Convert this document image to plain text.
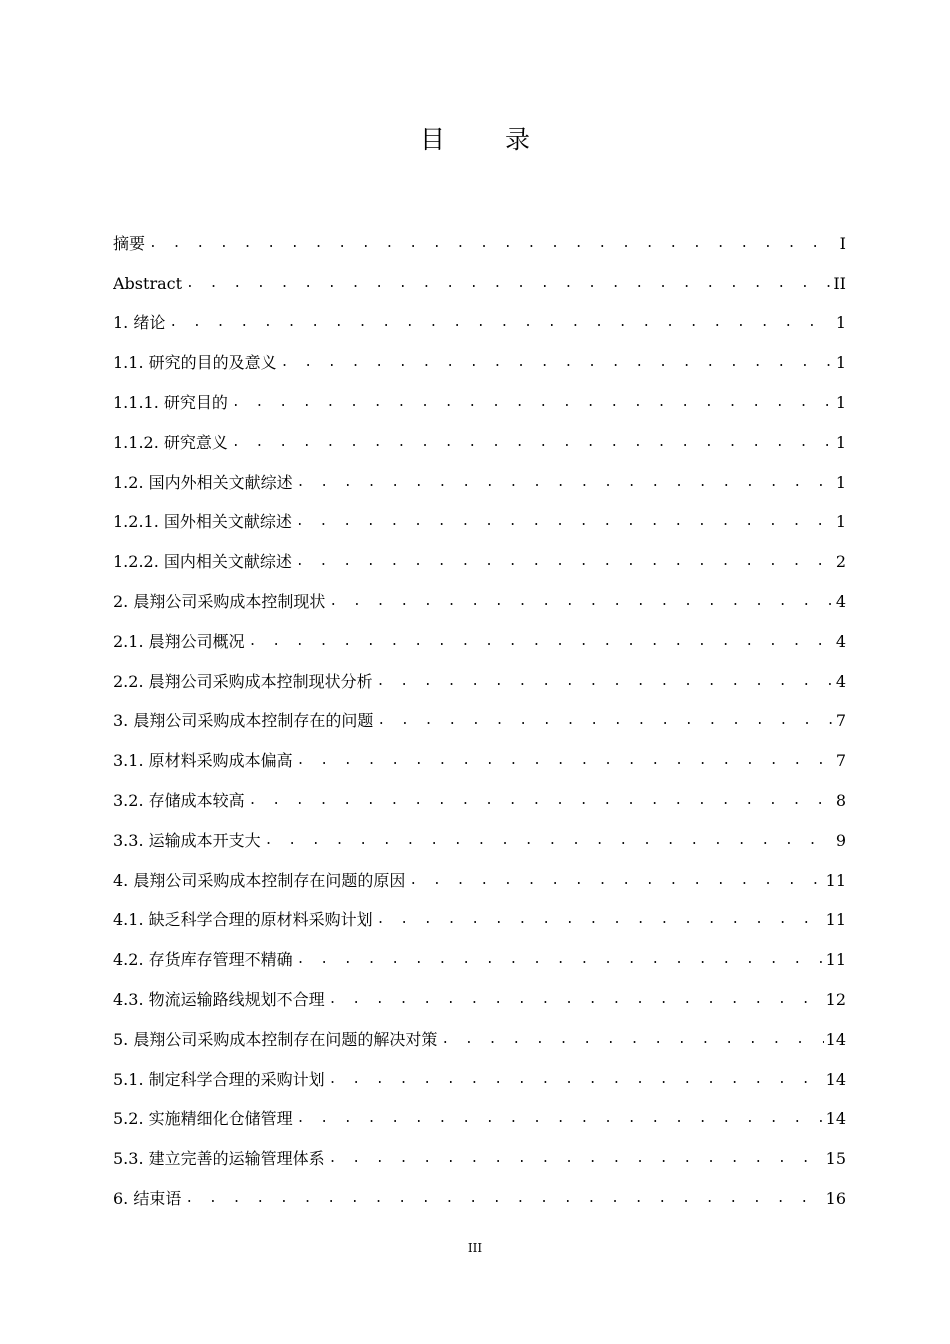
目 录
摘要 . . .	I
Abstract . . .	II
1. 绪论 . . .	1
1.1. 研究的目的及意义 . . .	1
1.1.1. 研究目的 . . .	1
1.1.2. 研究意义 . . .	1
1.2. 国内外相关文献综述 . . .	1
1.2.1. 国外相关文献综述 . . .	1
1.2.2. 国内相关文献综述 . . .	2
2. 晨翔公司采购成本控制现状 . . .	4
2.1. 晨翔公司概况 . . .	4
2.2. 晨翔公司采购成本控制现状分析 . . .	4
3. 晨翔公司采购成本控制存在的问题 . . .	7
3.1. 原材料采购成本偏高 . . .	7
3.2. 存储成本较高 . . .	8
3.3. 运输成本开支大 . . .	9
4. 晨翔公司采购成本控制存在问题的原因 . . .	11
4.1. 缺乏科学合理的原材料采购计划 . . .	11
4.2. 存货库存管理不精确 . . .	11
4.3. 物流运输路线规划不合理 . . .	12
5. 晨翔公司采购成本控制存在问题的解决对策 . . .	14
5.1. 制定科学合理的采购计划 . . .	14
5.2. 实施精细化仓储管理 . . .	14
5.3. 建立完善的运输管理体系 . . .	15
6. 结束语 . . .	16
III
